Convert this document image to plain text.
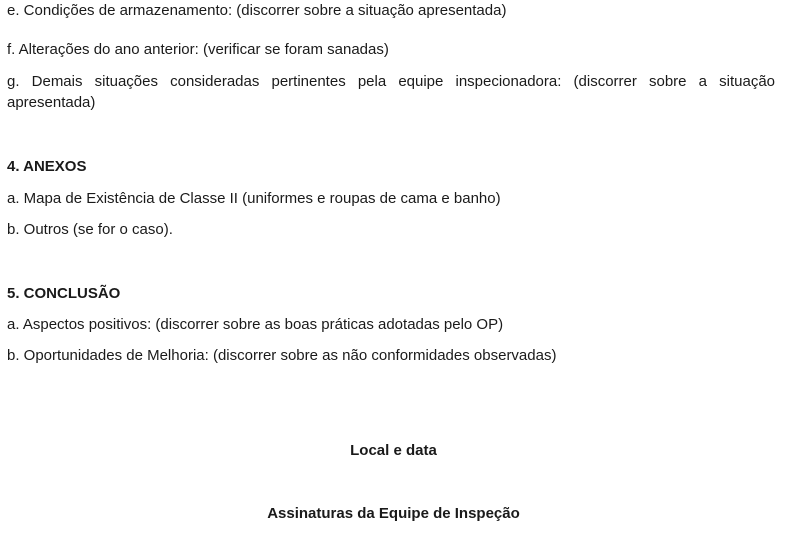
e. Condições de armazenamento: (discorrer sobre a situação apresentada)
f. Alterações do ano anterior: (verificar se foram sanadas)
g. Demais situações consideradas pertinentes pela equipe inspecionadora: (discorrer sobre a situação apresentada)
4. ANEXOS
a. Mapa de Existência de Classe II (uniformes e roupas de cama e banho)
b. Outros (se for o caso).
5. CONCLUSÃO
a. Aspectos positivos: (discorrer sobre as boas práticas adotadas pelo OP)
b. Oportunidades de Melhoria: (discorrer sobre as não conformidades observadas)
Local e data
Assinaturas da Equipe de Inspeção
